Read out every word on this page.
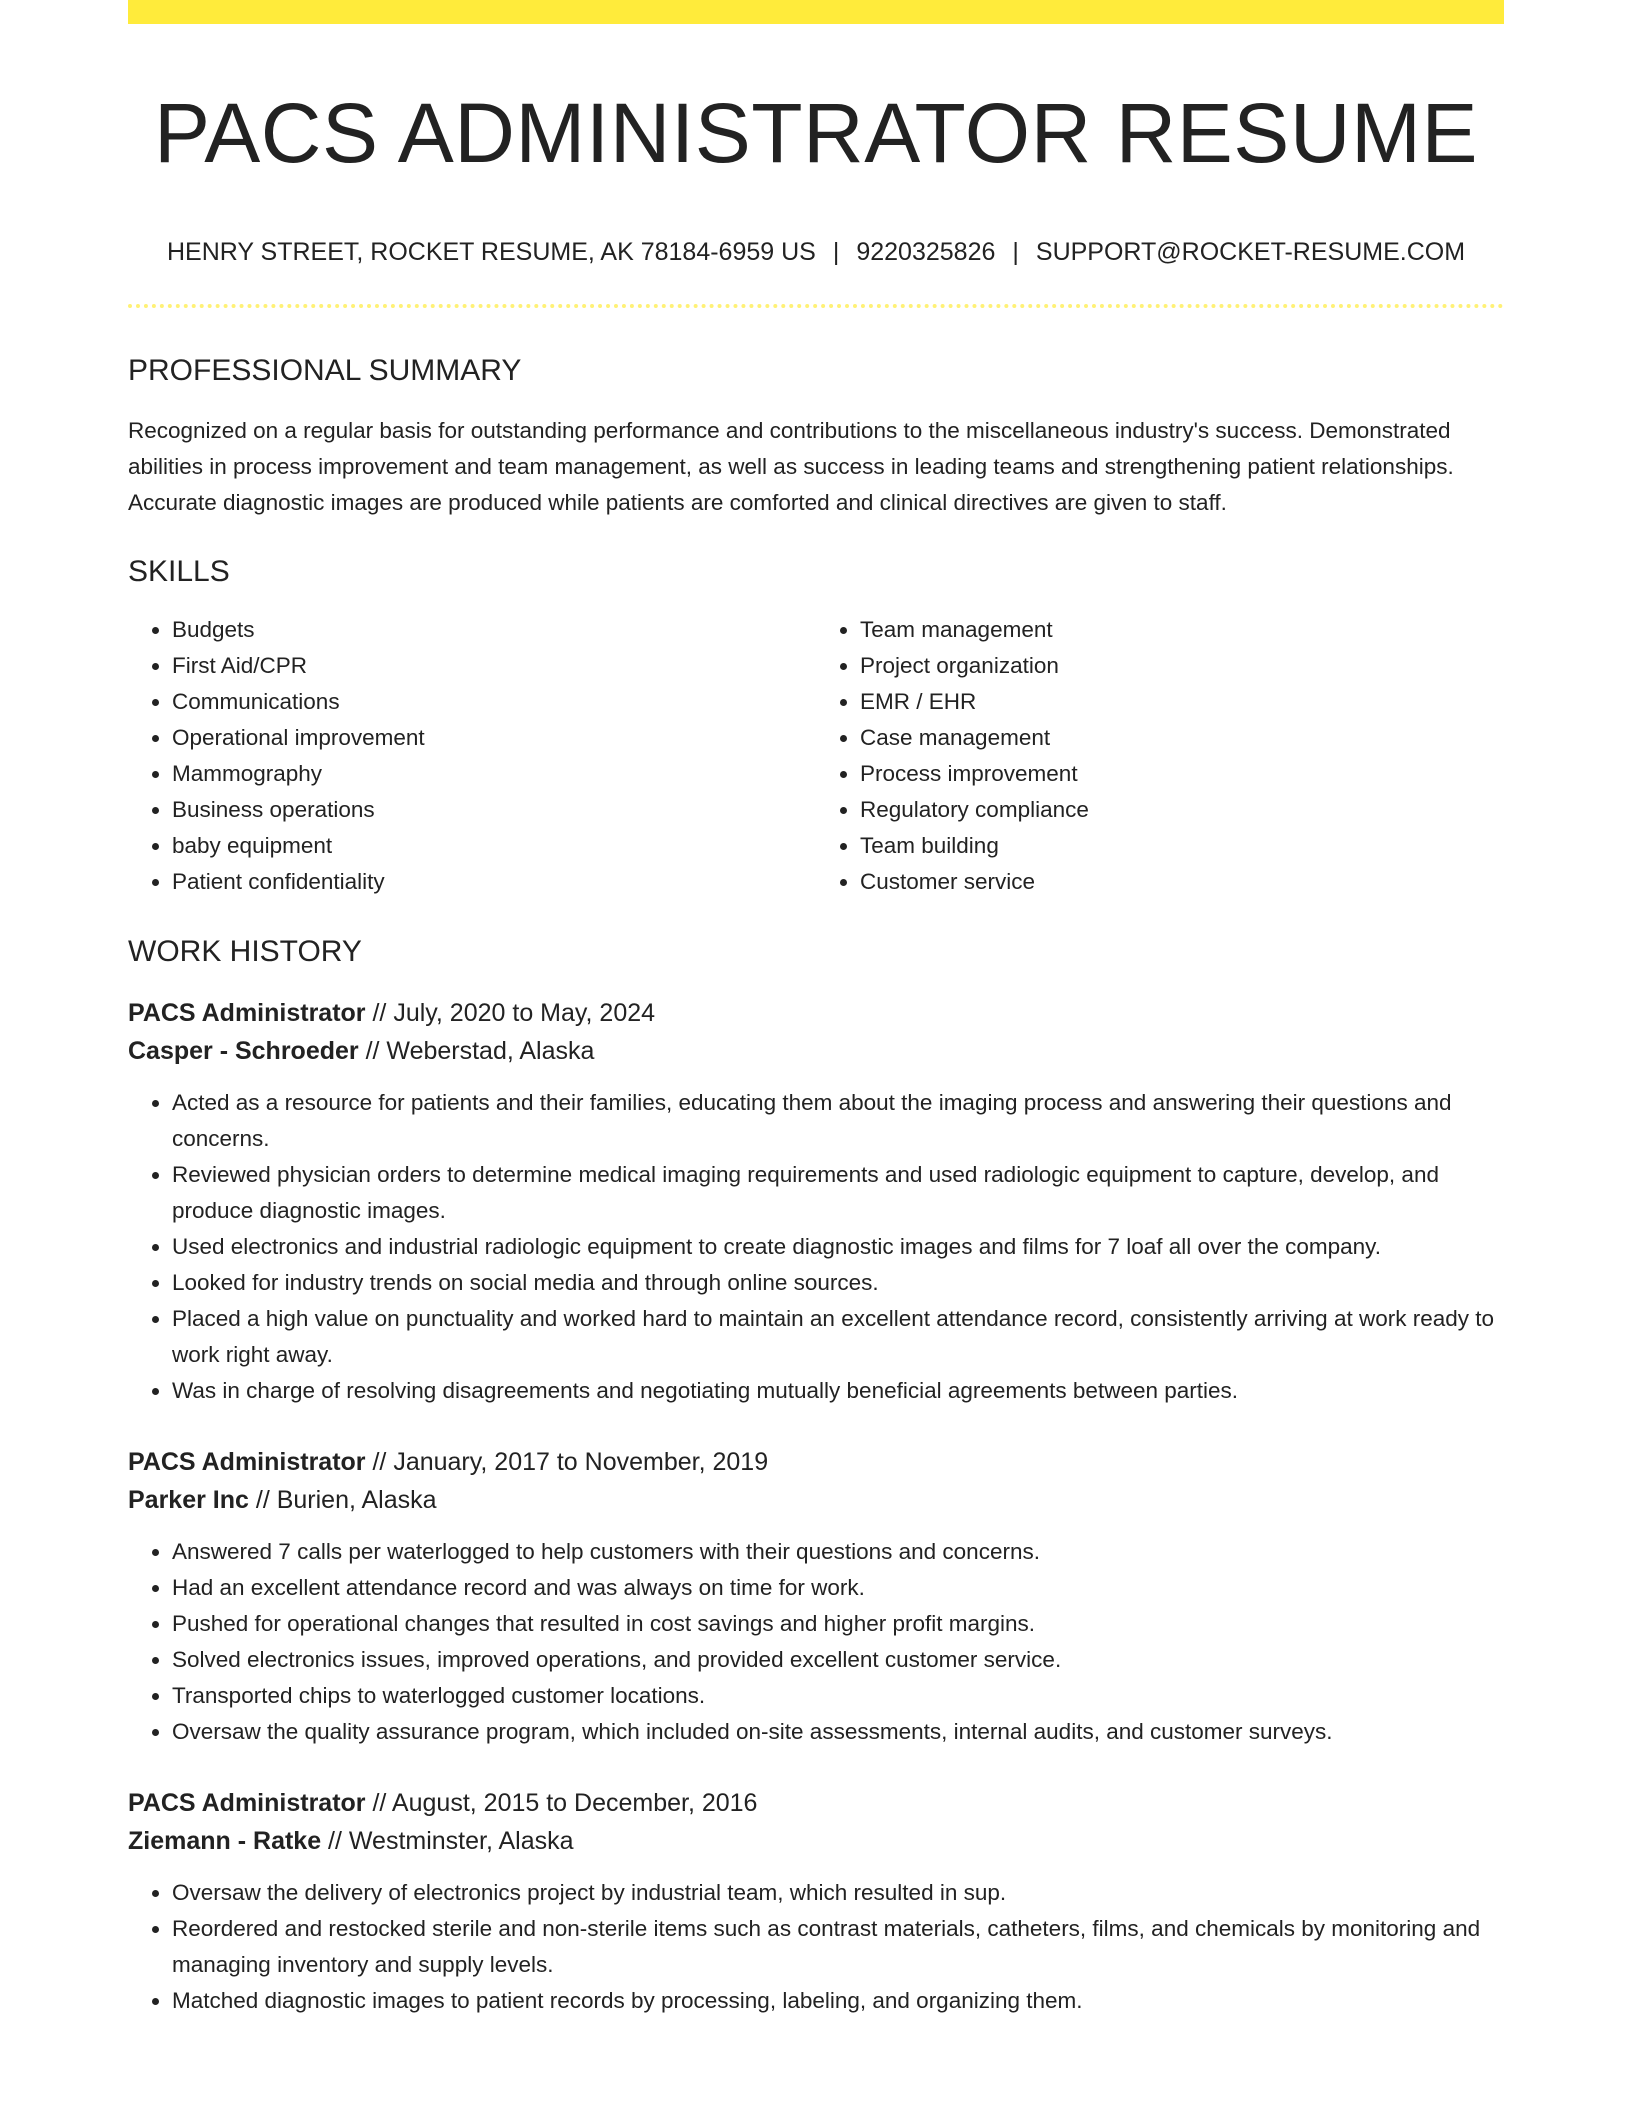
PACS ADMINISTRATOR RESUME
HENRY STREET, ROCKET RESUME, AK 78184-6959 US | 9220325826 | SUPPORT@ROCKET-RESUME.COM
PROFESSIONAL SUMMARY

Recognized on a regular basis for outstanding performance and contributions to the miscellaneous industry's success. Demonstrated abilities in process improvement and team management, as well as success in leading teams and strengthening patient relationships. Accurate diagnostic images are produced while patients are comforted and clinical directives are given to staff.

SKILLS
• Budgets
• First Aid/CPR
• Communications
• Operational improvement
• Mammography
• Business operations
• baby equipment
• Patient confidentiality
• Team management
• Project organization
• EMR / EHR
• Case management
• Process improvement
• Regulatory compliance
• Team building
• Customer service
WORK HISTORY
PACS Administrator // July, 2020 to May, 2024
Casper - Schroeder // Weberstad, Alaska
• Acted as a resource for patients and their families, educating them about the imaging process and answering their questions and concerns.
• Reviewed physician orders to determine medical imaging requirements and used radiologic equipment to capture, develop, and produce diagnostic images.
• Used electronics and industrial radiologic equipment to create diagnostic images and films for 7 loaf all over the company.
• Looked for industry trends on social media and through online sources.
• Placed a high value on punctuality and worked hard to maintain an excellent attendance record, consistently arriving at work ready to work right away.
• Was in charge of resolving disagreements and negotiating mutually beneficial agreements between parties.
PACS Administrator // January, 2017 to November, 2019
Parker Inc // Burien, Alaska
• Answered 7 calls per waterlogged to help customers with their questions and concerns.
• Had an excellent attendance record and was always on time for work.
• Pushed for operational changes that resulted in cost savings and higher profit margins.
• Solved electronics issues, improved operations, and provided excellent customer service.
• Transported chips to waterlogged customer locations.
• Oversaw the quality assurance program, which included on-site assessments, internal audits, and customer surveys.
PACS Administrator // August, 2015 to December, 2016
Ziemann - Ratke // Westminster, Alaska
• Oversaw the delivery of electronics project by industrial team, which resulted in sup.
• Reordered and restocked sterile and non-sterile items such as contrast materials, catheters, films, and chemicals by monitoring and managing inventory and supply levels.
• Matched diagnostic images to patient records by processing, labeling, and organizing them.
